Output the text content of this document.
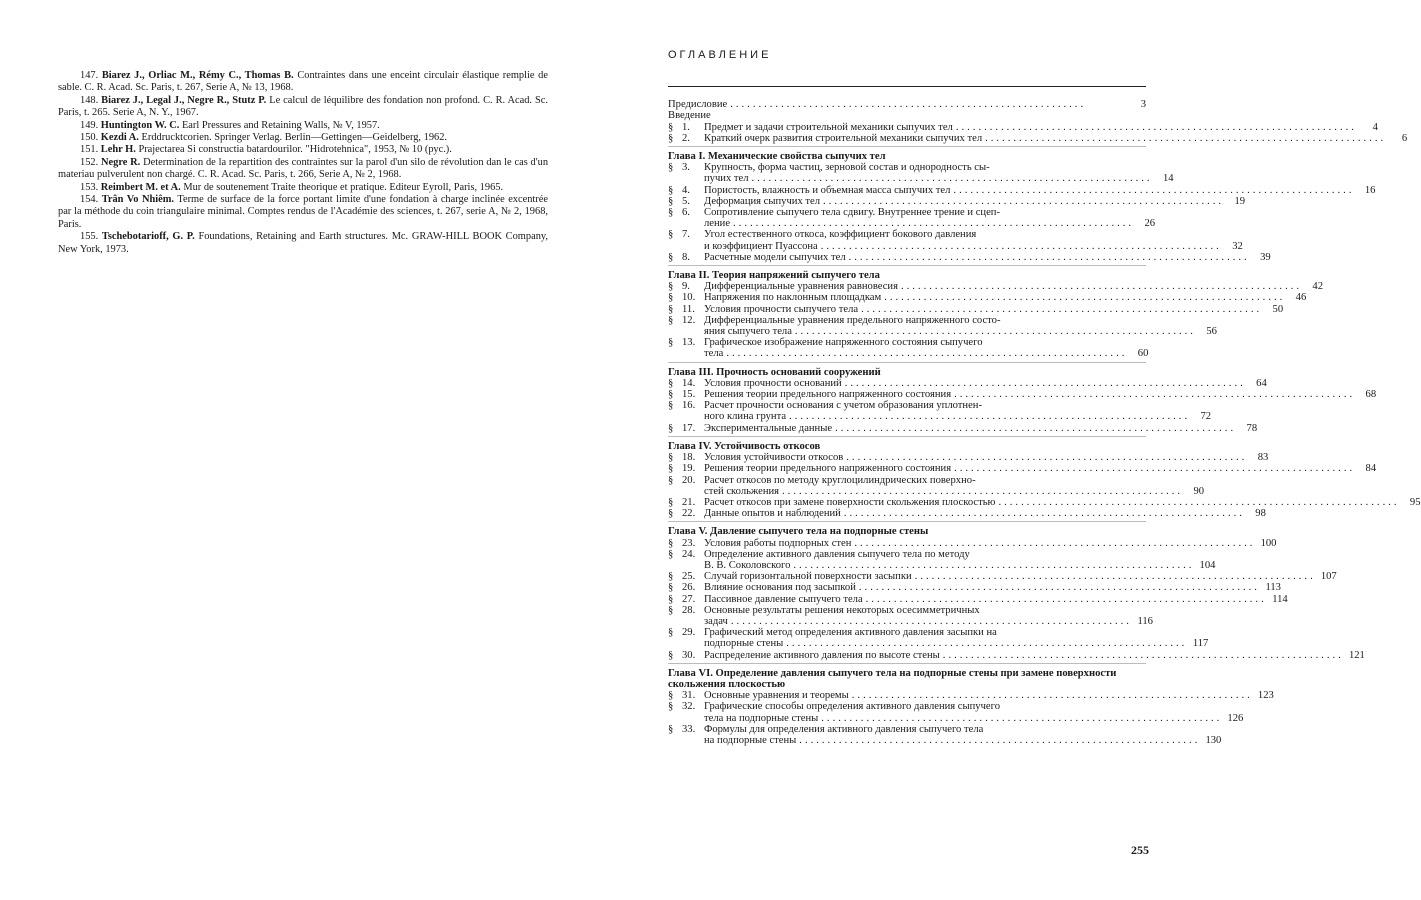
147. Biarez J., Orliac M., Rémy C., Thomas B. Contraintes dans une enceint circulair élastique remplie de sable. C. R. Acad. Sc. Paris, t. 267, Serie A, № 13, 1968.

148. Biarez J., Legal J., Negre R., Stutz P. Le calcul de léquilibre des fondation non profond. C. R. Acad. Sc. Paris, t. 265. Serie A, N. Y., 1967.

149. Huntington W. C. Earl Pressures and Retaining Walls, № V, 1957.

150. Kezdi A. Erddrucktcorien. Springer Verlag. Berlin—Gettingen—Geidelberg, 1962.

151. Lehr H. Prajectarea Si constructia batardourilor. "Hidrotehnica", 1953, № 10 (рус.).

152. Negre R. Determination de la repartition des contraintes sur la parol d'un silo de révolution dan le cas d'un materiau pulverulent non chargé. C. R. Acad. Sc. Paris, t. 266, Serie A, № 2, 1968.

153. Reimbert M. et A. Mur de soutenement Traite theorique et pratique. Editeur Eyroll, Paris, 1965.

154. Trân Vo Nhiêm. Terme de surface de la force portant limite d'une fondation à charge inclinée excentrée par la méthode du coin triangulaire minimal. Comptes rendus de l'Académie des sciences, t. 267, serie A, № 2, 1968, Paris.

155. Tschebotarioff, G. P. Foundations, Retaining and Earth structures. Mc. GRAW-HILL BOOK Company, New York, 1973.

ОГЛАВЛЕНИЕ
Предисловие ...............................................................	3
Введение
§ 1.	Предмет и задачи строительной механики сыпучих тел .......................................................................	4
§ 2.	Краткий очерк развития строительной механики сыпучих тел .......................................................................	6
Глава I. Механические свойства сыпучих тел
§ 3.	Крупность, форма частиц, зерновой состав и однородность сы-
пучих тел ....................................................................... 14
§ 4.	Пористость, влажность и объемная масса сыпучих тел ....................................................................... 16
§ 5.	Деформация сыпучих тел ....................................................................... 19
§ 6.	Сопротивление сыпучего тела сдвигу. Внутреннее трение и сцеп-
ление ....................................................................... 26
§ 7.	Угол естественного откоса, коэффициент бокового давления
и коэффициент Пуассона ....................................................................... 32
§ 8.	Расчетные модели сыпучих тел ....................................................................... 39
Глава II. Теория напряжений сыпучего тела
§ 9.	Дифференциальные уравнения равновесия ....................................................................... 42
§ 10. Напряжения по наклонным площадкам ....................................................................... 46
§ 11. Условия прочности сыпучего тела ....................................................................... 50
§ 12. Дифференциальные уравнения предельного напряженного состо-
яния сыпучего тела ....................................................................... 56
§ 13. Графическое изображение напряженного состояния сыпучего
тела ....................................................................... 60
Глава III. Прочность оснований сооружений
§ 14. Условия прочности оснований ....................................................................... 64
§ 15. Решения теории предельного напряженного состояния ....................................................................... 68
§ 16. Расчет прочности основания с учетом образования уплотнен-
ного клина грунта ....................................................................... 72
§ 17. Экспериментальные данные ....................................................................... 78
Глава IV. Устойчивость откосов
§ 18. Условия устойчивости откосов ....................................................................... 83
§ 19. Решения теории предельного напряженного состояния ....................................................................... 84
§ 20. Расчет откосов по методу круглоцилиндрических поверхно-
стей скольжения ....................................................................... 90
§ 21. Расчет откосов при замене поверхности скольжения плоскостью ....................................................................... 95
§ 22. Данные опытов и наблюдений ....................................................................... 98
Глава V. Давление сыпучего тела на подпорные стены
§ 23. Условия работы подпорных стен ....................................................................... 100
§ 24. Определение активного давления сыпучего тела по методу
В. В. Соколовского ....................................................................... 104
§ 25. Случай горизонтальной поверхности засыпки ....................................................................... 107
§ 26. Влияние основания под засыпкой ....................................................................... 113
§ 27. Пассивное давление сыпучего тела ....................................................................... 114
§ 28. Основные результаты решения некоторых осесимметричных
задач ....................................................................... 116
§ 29. Графический метод определения активного давления засыпки на
подпорные стены ....................................................................... 117
§ 30. Распределение активного давления по высоте стены ....................................................................... 121
Глава VI. Определение давления сыпучего тела на подпорные стены при замене поверхности скольжения плоскостью
§ 31. Основные уравнения и теоремы ....................................................................... 123
§ 32. Графические способы определения активного давления сыпучего
тела на подпорные стены ....................................................................... 126
§ 33. Формулы для определения активного давления сыпучего тела
на подпорные стены ....................................................................... 130
255
